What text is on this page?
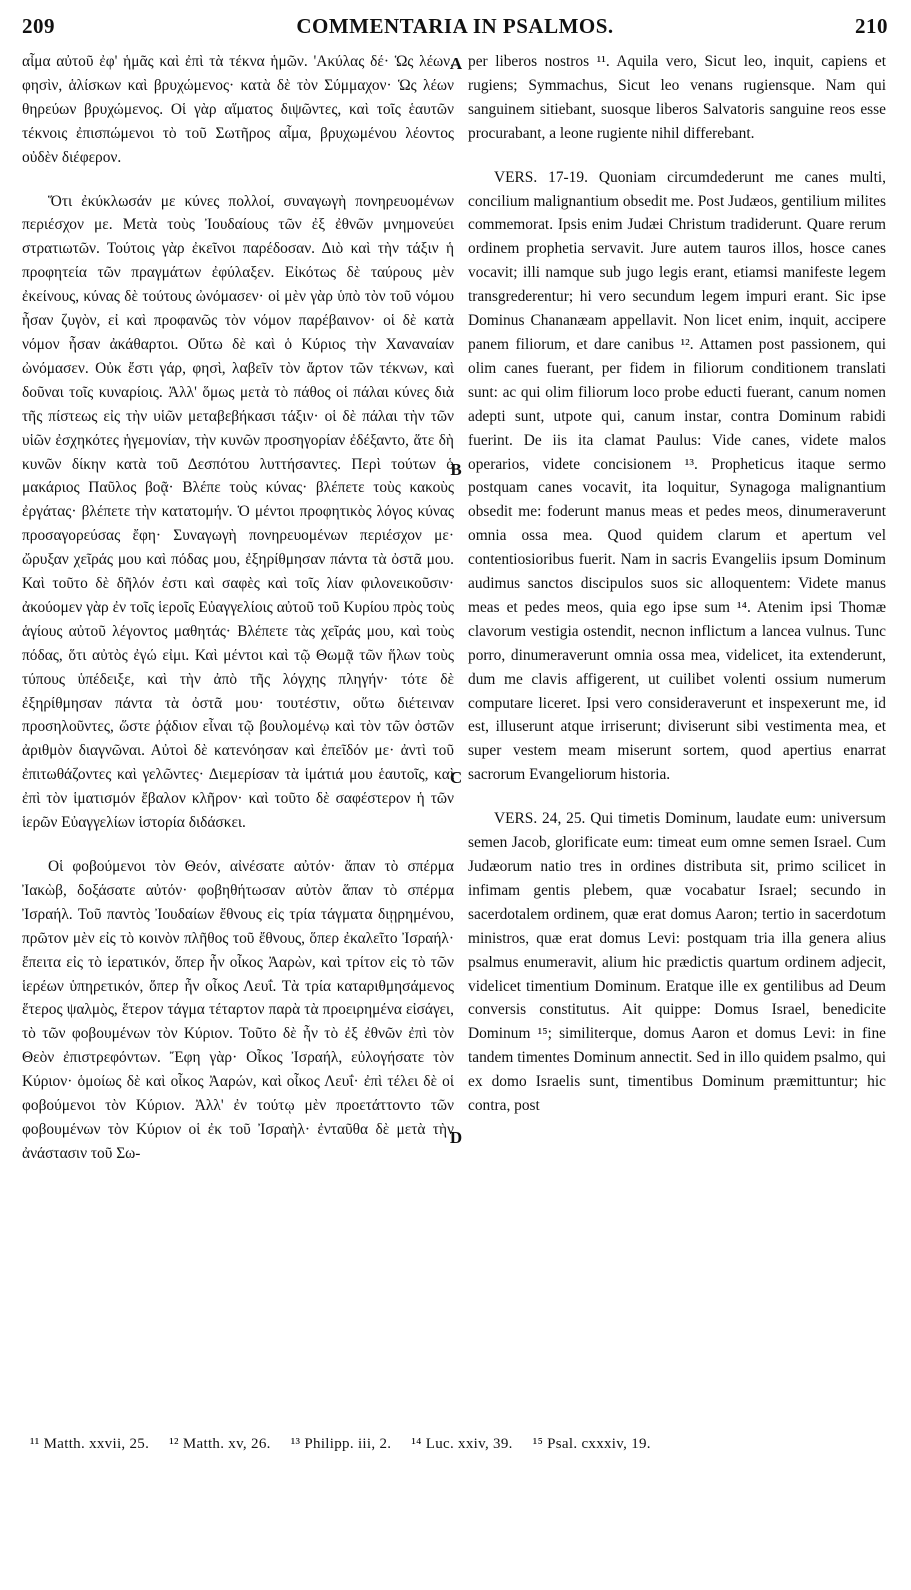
209	COMMENTARIA IN PSALMOS.	210

αἷμα αὐτοῦ ἐφ' ἡμᾶς καὶ ἐπὶ τὰ τέκνα ἡμῶν. 'Ακύλας δέ· Ὡς λέων, φησὶν, ἁλίσκων καὶ βρυχώμενος· κατὰ δὲ τὸν Σύμμαχον· Ὡς λέων θηρεύων βρυχώμενος. Οἱ γὰρ αἵματος διψῶντες, καὶ τοῖς ἑαυτῶν τέκνοις ἐπισπώμενοι τὸ τοῦ Σωτῆρος αἷμα, βρυχωμένου λέοντος οὐδὲν διέφερον.

Ὅτι ἐκύκλωσάν με κύνες πολλοί, συναγωγὴ πονηρευομένων περιέσχον με. Μετὰ τοὺς Ἰουδαίους τῶν ἐξ ἐθνῶν μνημονεύει στρατιωτῶν. Τούτοις γὰρ ἐκεῖνοι παρέδοσαν. Διὸ καὶ τὴν τάξιν ἡ προφητεία τῶν πραγμάτων ἐφύλαξεν. Εἰκότως δὲ ταύρους μὲν ἐκείνους, κύνας δὲ τούτους ὠνόμασεν· οἱ μὲν γὰρ ὑπὸ τὸν τοῦ νόμου ἦσαν ζυγὸν, εἰ καὶ προφανῶς τὸν νόμον παρέβαινον· οἱ δὲ κατὰ νόμον ἦσαν ἀκάθαρτοι. Οὕτω δὲ καὶ ὁ Κύριος τὴν Χαναναίαν ὠνόμασεν. Οὐκ ἔστι γάρ, φησὶ, λαβεῖν τὸν ἄρτον τῶν τέκνων, καὶ δοῦναι τοῖς κυναρίοις. Ἀλλ' ὅμως μετὰ τὸ πάθος οἱ πάλαι κύνες διὰ τῆς πίστεως εἰς τὴν υἱῶν μεταβεβήκασι τάξιν· οἱ δὲ πάλαι τὴν τῶν υἱῶν ἐσχηκότες ἡγεμονίαν, τὴν κυνῶν προσηγορίαν ἐδέξαντο, ἅτε δὴ κυνῶν δίκην κατὰ τοῦ Δεσπότου λυττήσαντες. Περὶ τούτων ὁ μακάριος Παῦλος βοᾷ· Βλέπε τοὺς κύνας· βλέπετε τοὺς κακοὺς ἐργάτας· βλέπετε τὴν κατατομήν. Ὁ μέντοι προφητικὸς λόγος κύνας προσαγορεύσας ἔφη· Συναγωγὴ πονηρευομένων περιέσχον με· ὤρυξαν χεῖράς μου καὶ πόδας μου, ἐξηρίθμησαν πάντα τὰ ὀστᾶ μου. Καὶ τοῦτο δὲ δῆλόν ἐστι καὶ σαφὲς καὶ τοῖς λίαν φιλονεικοῦσιν· ἀκούομεν γὰρ ἐν τοῖς ἱεροῖς Εὐαγγελίοις αὐτοῦ τοῦ Κυρίου πρὸς τοὺς ἁγίους αὐτοῦ λέγοντος μαθητάς· Βλέπετε τὰς χεῖράς μου, καὶ τοὺς πόδας, ὅτι αὐτὸς ἐγώ εἰμι. Καὶ μέντοι καὶ τῷ Θωμᾷ τῶν ἥλων τοὺς τύπους ὑπέδειξε, καὶ τὴν ἀπὸ τῆς λόγχης πληγήν· τότε δὲ ἐξηρίθμησαν πάντα τὰ ὀστᾶ μου· τουτέστιν, οὕτω διέτειναν προσηλοῦντες, ὥστε ῥᾴδιον εἶναι τῷ βουλομένῳ καὶ τὸν τῶν ὀστῶν ἀριθμὸν διαγνῶναι. Αὐτοὶ δὲ κατενόησαν καὶ ἐπεῖδόν με· ἀντὶ τοῦ ἐπιτωθάζοντες καὶ γελῶντες· Διεμερίσαν τὰ ἱμάτιά μου ἑαυτοῖς, καὶ ἐπὶ τὸν ἱματισμόν ἔβαλον κλῆρον· καὶ τοῦτο δὲ σαφέστερον ἡ τῶν ἱερῶν Εὐαγγελίων ἱστορία διδάσκει.

Οἱ φοβούμενοι τὸν Θεόν, αἰνέσατε αὐτόν· ἅπαν τὸ σπέρμα Ἰακὼβ, δοξάσατε αὐτόν· φοβηθήτωσαν αὐτὸν ἅπαν τὸ σπέρμα Ἰσραήλ. Τοῦ παντὸς Ἰουδαίων ἔθνους εἰς τρία τάγματα διῃρημένου, πρῶτον μὲν εἰς τὸ κοινὸν πλῆθος τοῦ ἔθνους, ὅπερ ἐκαλεῖτο Ἰσραήλ· ἔπειτα εἰς τὸ ἱερατικόν, ὅπερ ἦν οἶκος Ἀαρὼν, καὶ τρίτον εἰς τὸ τῶν ἱερέων ὑπηρετικόν, ὅπερ ἦν οἶκος Λευΐ. Τὰ τρία καταριθμησάμενος ἕτερος ψαλμὸς, ἕτερον τάγμα τέταρτον παρὰ τὰ προειρημένα εἰσάγει, τὸ τῶν φοβουμένων τὸν Κύριον. Τοῦτο δὲ ἦν τὸ ἐξ ἐθνῶν ἐπὶ τὸν Θεὸν ἐπιστρεφόντων. Ἔφη γὰρ· Οἶκος Ἰσραήλ, εὐλογήσατε τὸν Κύριον· ὁμοίως δὲ καὶ οἶκος Ἀαρών, καὶ οἶκος Λευΐ· ἐπὶ τέλει δὲ οἱ φοβούμενοι τὸν Κύριον. Ἀλλ' ἐν τούτῳ μὲν προετάττοντο τῶν φοβουμένων τὸν Κύριον οἱ ἐκ τοῦ Ἰσραὴλ· ἐνταῦθα δὲ μετὰ τὴν ἀνάστασιν τοῦ Σω-

A
B
C
D

per liberos nostros ¹¹. Aquila vero, Sicut leo, inquit, capiens et rugiens; Symmachus, Sicut leo venans rugiensque. Nam qui sanguinem sitiebant, suosque liberos Salvatoris sanguine reos esse procurabant, a leone rugiente nihil differebant.

VERS. 17-19. Quoniam circumdederunt me canes multi, concilium malignantium obsedit me. Post Judæos, gentilium milites commemorat. Ipsis enim Judæi Christum tradiderunt. Quare rerum ordinem prophetia servavit. Jure autem tauros illos, hosce canes vocavit; illi namque sub jugo legis erant, etiamsi manifeste legem transgrederentur; hi vero secundum legem impuri erant. Sic ipse Dominus Chananæam appellavit. Non licet enim, inquit, accipere panem filiorum, et dare canibus ¹². Attamen post passionem, qui olim canes fuerant, per fidem in filiorum conditionem translati sunt: ac qui olim filiorum loco probe educti fuerant, canum nomen adepti sunt, utpote qui, canum instar, contra Dominum rabidi fuerint. De iis ita clamat Paulus: Vide canes, videte malos operarios, videte concisionem ¹³. Propheticus itaque sermo postquam canes vocavit, ita loquitur, Synagoga malignantium obsedit me: foderunt manus meas et pedes meos, dinumeraverunt omnia ossa mea. Quod quidem clarum et apertum vel contentiosioribus fuerit. Nam in sacris Evangeliis ipsum Dominum audimus sanctos discipulos suos sic alloquentem: Videte manus meas et pedes meos, quia ego ipse sum ¹⁴. Atenim ipsi Thomæ clavorum vestigia ostendit, necnon inflictum a lancea vulnus. Tunc porro, dinumeraverunt omnia ossa mea, videlicet, ita extenderunt, dum me clavis affigerent, ut cuilibet volenti ossium numerum computare liceret. Ipsi vero consideraverunt et inspexerunt me, id est, illuserunt atque irriserunt; diviserunt sibi vestimenta mea, et super vestem meam miserunt sortem, quod apertius enarrat sacrorum Evangeliorum historia.

VERS. 24, 25. Qui timetis Dominum, laudate eum: universum semen Jacob, glorificate eum: timeat eum omne semen Israel. Cum Judæorum natio tres in ordines distributa sit, primo scilicet in infimam gentis plebem, quæ vocabatur Israel; secundo in sacerdotalem ordinem, quæ erat domus Aaron; tertio in sacerdotum ministros, quæ erat domus Levi: postquam tria illa genera alius psalmus enumeravit, alium hic prædictis quartum ordinem adjecit, videlicet timentium Dominum. Eratque ille ex gentilibus ad Deum conversis constitutus. Ait quippe: Domus Israel, benedicite Dominum ¹⁵; similiterque, domus Aaron et domus Levi: in fine tandem timentes Dominum annectit. Sed in illo quidem psalmo, qui ex domo Israelis sunt, timentibus Dominum præmittuntur; hic contra, post

¹¹ Matth. xxvii, 25. ¹² Matth. xv, 26. ¹³ Philipp. iii, 2. ¹⁴ Luc. xxiv, 39. ¹⁵ Psal. cxxxiv, 19.
